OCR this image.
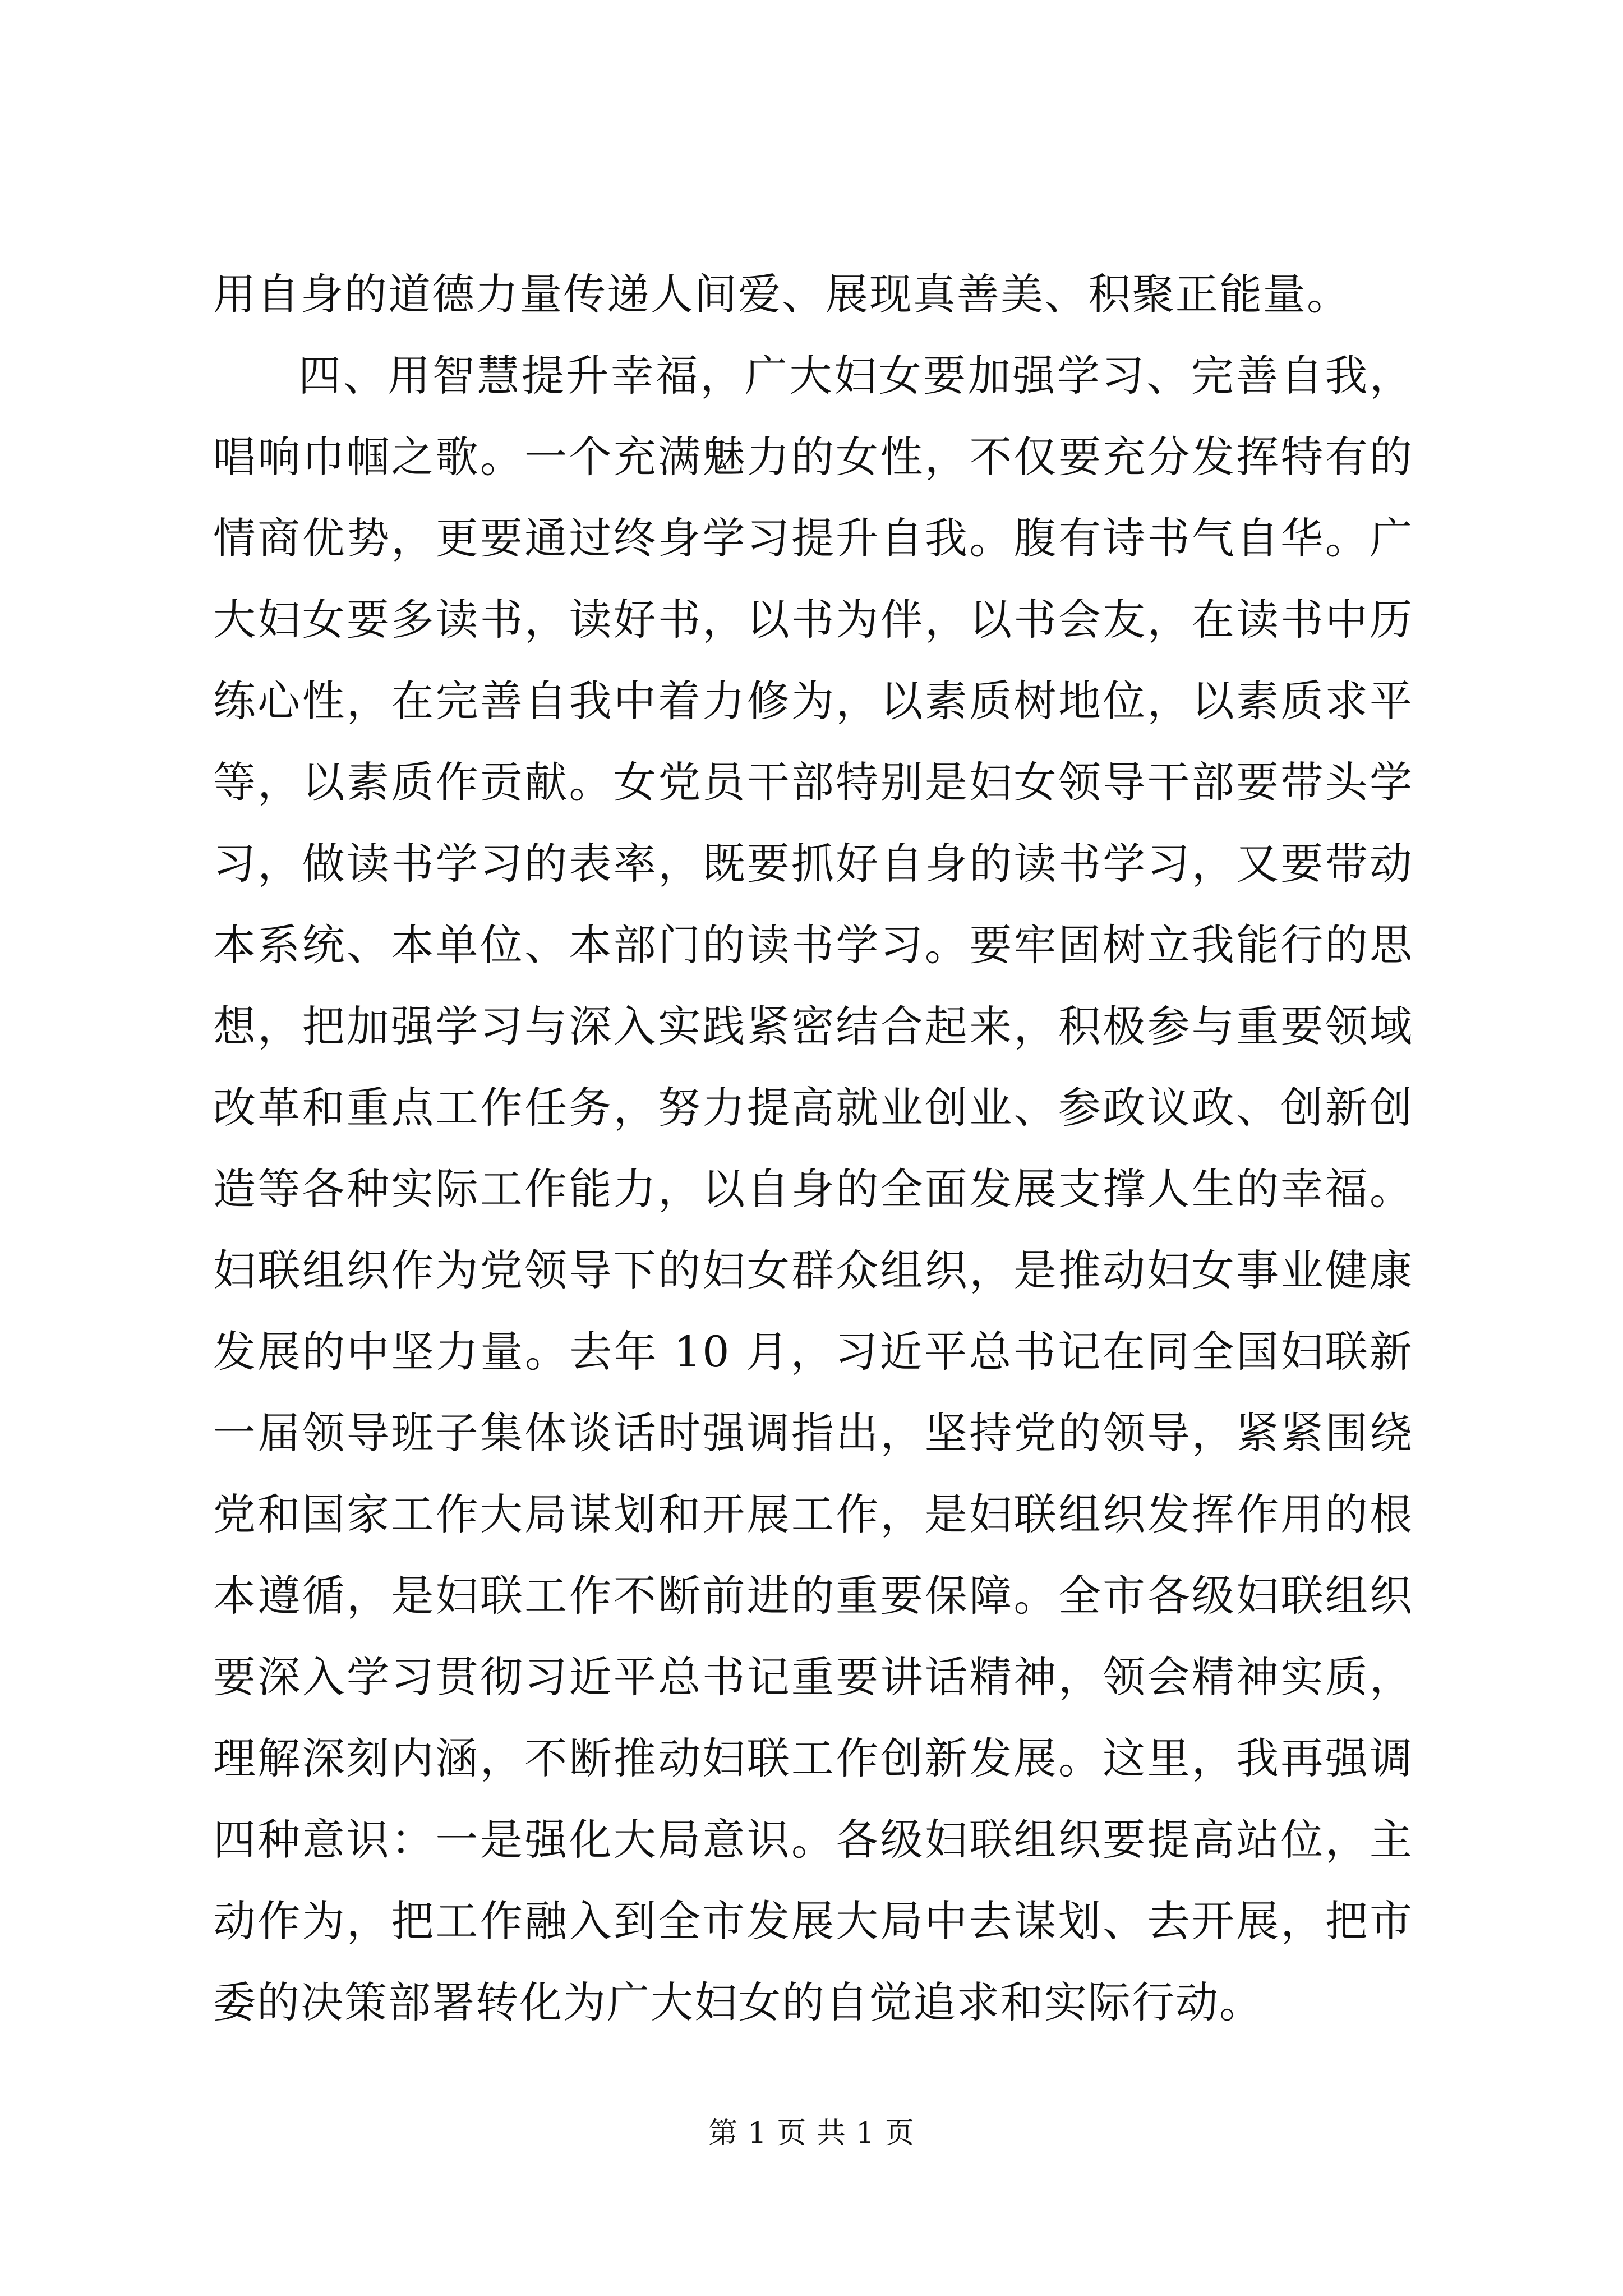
用自身的道德力量传递人间爱、展现真善美、积聚正能量。

四、用智慧提升幸福，广大妇女要加强学习、完善自我，唱响巾帼之歌。一个充满魅力的女性，不仅要充分发挥特有的情商优势，更要通过终身学习提升自我。腹有诗书气自华。广大妇女要多读书，读好书，以书为伴，以书会友，在读书中历练心性，在完善自我中着力修为，以素质树地位，以素质求平等，以素质作贡献。女党员干部特别是妇女领导干部要带头学习，做读书学习的表率，既要抓好自身的读书学习，又要带动本系统、本单位、本部门的读书学习。要牢固树立我能行的思想，把加强学习与深入实践紧密结合起来，积极参与重要领域改革和重点工作任务，努力提高就业创业、参政议政、创新创造等各种实际工作能力，以自身的全面发展支撑人生的幸福。妇联组织作为党领导下的妇女群众组织，是推动妇女事业健康发展的中坚力量。去年 10 月，习近平总书记在同全国妇联新一届领导班子集体谈话时强调指出，坚持党的领导，紧紧围绕党和国家工作大局谋划和开展工作，是妇联组织发挥作用的根本遵循，是妇联工作不断前进的重要保障。全市各级妇联组织要深入学习贯彻习近平总书记重要讲话精神，领会精神实质，理解深刻内涵，不断推动妇联工作创新发展。这里，我再强调四种意识：一是强化大局意识。各级妇联组织要提高站位，主动作为，把工作融入到全市发展大局中去谋划、去开展，把市委的决策部署转化为广大妇女的自觉追求和实际行动。

第 1 页 共 1 页
